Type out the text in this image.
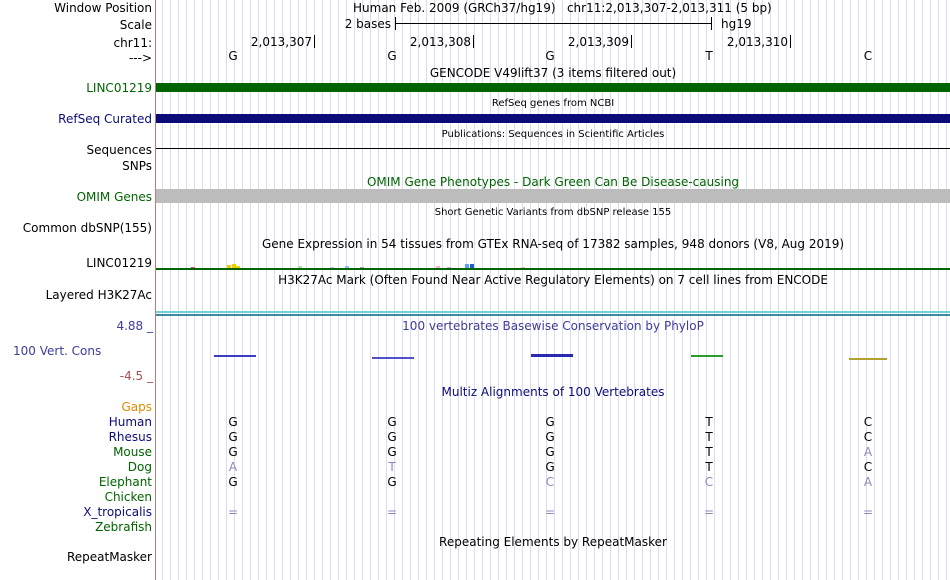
Window Position	Human Feb. 2009 (GRCh37/hg19)   chr11:2,013,307-2,013,311 (5 bp)
Scale	2 bases	hg19
chr11:	2,013,307	2,013,308	2,013,309	2,013,310
--->	G	G	G	T	C
GENCODE V49lift37 (3 items filtered out)
LINC01219
RefSeq genes from NCBI
RefSeq Curated
Publications: Sequences in Scientific Articles
Sequences
SNPs
OMIM Gene Phenotypes - Dark Green Can Be Disease-causing
OMIM Genes
Short Genetic Variants from dbSNP release 155
Common dbSNP(155)
Gene Expression in 54 tissues from GTEx RNA-seq of 17382 samples, 948 donors (V8, Aug 2019)
LINC01219
H3K27Ac Mark (Often Found Near Active Regulatory Elements) on 7 cell lines from ENCODE
Layered H3K27Ac
4.88 _	100 vertebrates Basewise Conservation by PhyloP
100 Vert. Cons
-4.5 _
Multiz Alignments of 100 Vertebrates
Gaps
Human	G	G	G	T	C
Rhesus	G	G	G	T	C
Mouse	G	G	G	T	A
Dog	A	T	G	T	C
Elephant	G	G	C	C	A
Chicken
X_tropicalis	=	=	=	=	=
Zebrafish
Repeating Elements by RepeatMasker
RepeatMasker
